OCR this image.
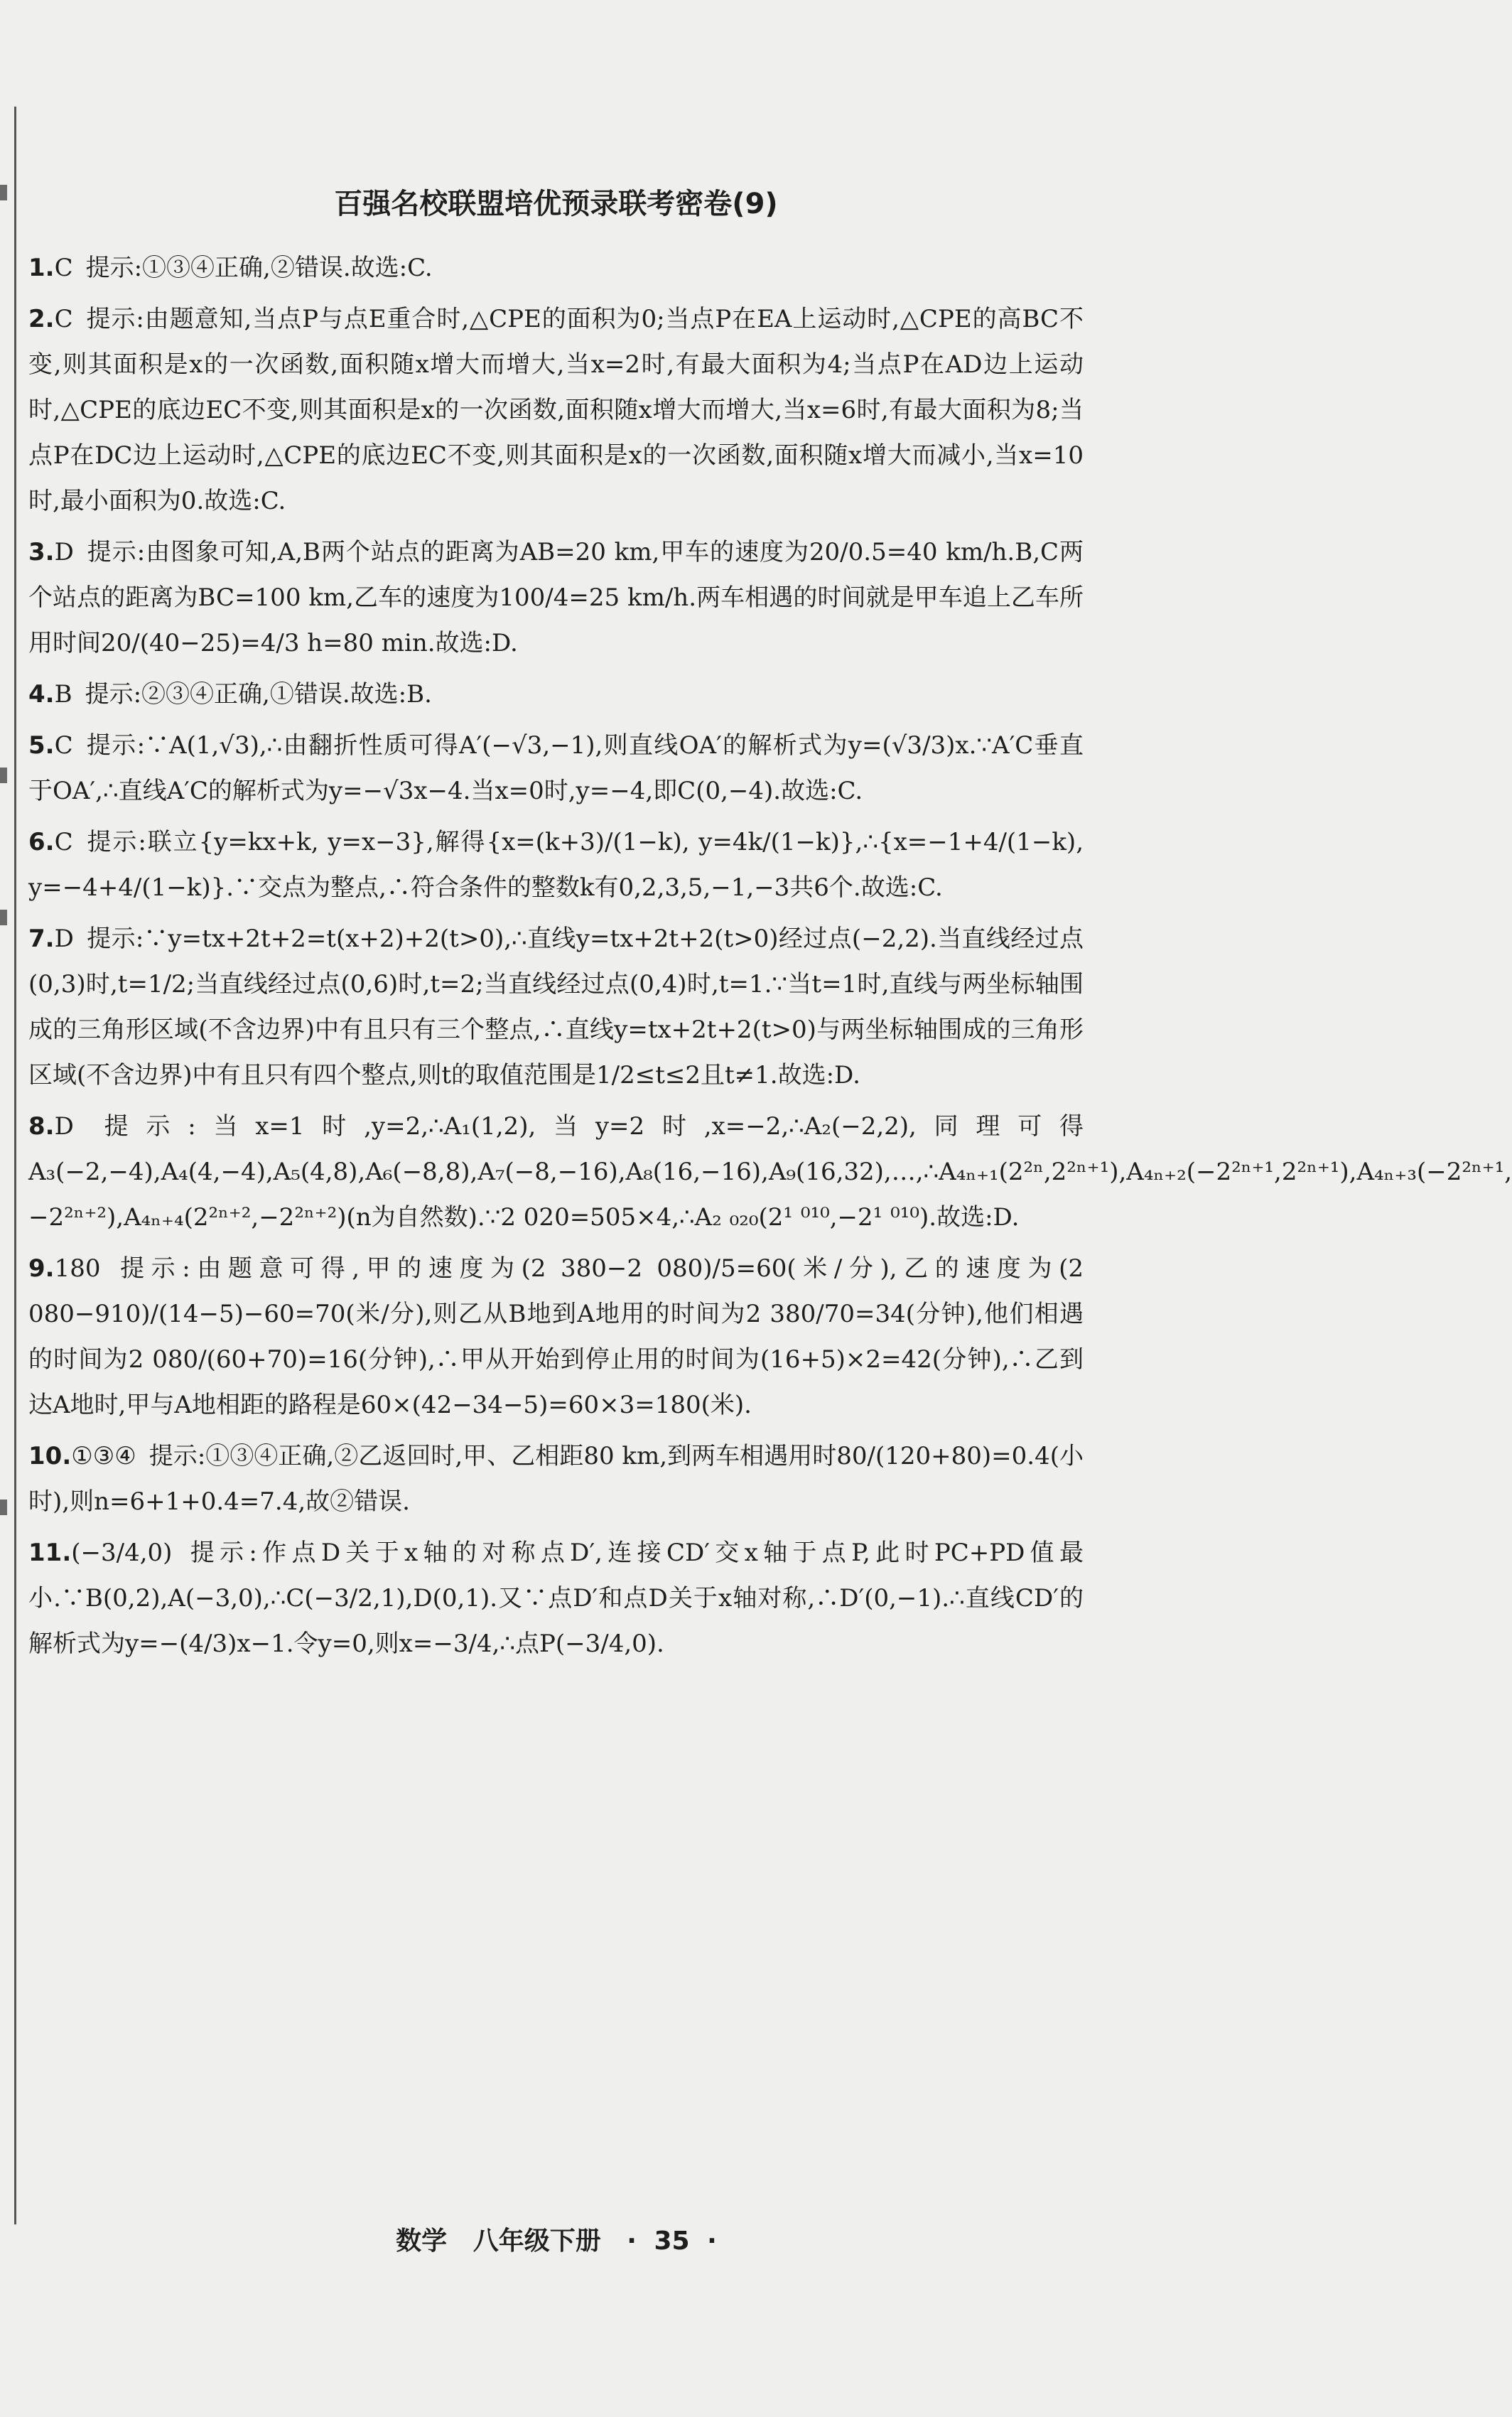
百强名校联盟培优预录联考密卷(9)
1.C 提示:①③④正确,②错误.故选:C.
2.C 提示:由题意知,当点P与点E重合时,△CPE的面积为0;当点P在EA上运动时,△CPE的高BC不变,则其面积是x的一次函数,面积随x增大而增大,当x=2时,有最大面积为4;当点P在AD边上运动时,△CPE的底边EC不变,则其面积是x的一次函数,面积随x增大而增大,当x=6时,有最大面积为8;当点P在DC边上运动时,△CPE的底边EC不变,则其面积是x的一次函数,面积随x增大而减小,当x=10时,最小面积为0.故选:C.
3.D 提示:由图象可知,A,B两个站点的距离为AB=20 km,甲车的速度为20/0.5=40 km/h.B,C两个站点的距离为BC=100 km,乙车的速度为100/4=25 km/h.两车相遇的时间就是甲车追上乙车所用时间20/(40−25)=4/3 h=80 min.故选:D.
4.B 提示:②③④正确,①错误.故选:B.
5.C 提示:∵A(1,√3),∴由翻折性质可得A′(−√3,−1),则直线OA′的解析式为y=(√3/3)x.∵A′C垂直于OA′,∴直线A′C的解析式为y=−√3x−4.当x=0时,y=−4,即C(0,−4).故选:C.
6.C 提示:联立{y=kx+k, y=x−3},解得{x=(k+3)/(1−k), y=4k/(1−k)},∴{x=−1+4/(1−k), y=−4+4/(1−k)}.∵交点为整点,∴符合条件的整数k有0,2,3,5,−1,−3共6个.故选:C.
7.D 提示:∵y=tx+2t+2=t(x+2)+2(t>0),∴直线y=tx+2t+2(t>0)经过点(−2,2).当直线经过点(0,3)时,t=1/2;当直线经过点(0,6)时,t=2;当直线经过点(0,4)时,t=1.∵当t=1时,直线与两坐标轴围成的三角形区域(不含边界)中有且只有三个整点,∴直线y=tx+2t+2(t>0)与两坐标轴围成的三角形区域(不含边界)中有且只有四个整点,则t的取值范围是1/2≤t≤2且t≠1.故选:D.
8.D 提示:当x=1时,y=2,∴A₁(1,2),当y=2时,x=−2,∴A₂(−2,2),同理可得A₃(−2,−4),A₄(4,−4),A₅(4,8),A₆(−8,8),A₇(−8,−16),A₈(16,−16),A₉(16,32),…,∴A₄ₙ₊₁(2²ⁿ,2²ⁿ⁺¹),A₄ₙ₊₂(−2²ⁿ⁺¹,2²ⁿ⁺¹),A₄ₙ₊₃(−2²ⁿ⁺¹,−2²ⁿ⁺²),A₄ₙ₊₄(2²ⁿ⁺²,−2²ⁿ⁺²)(n为自然数).∵2 020=505×4,∴A₂ ₀₂₀(2¹ ⁰¹⁰,−2¹ ⁰¹⁰).故选:D.
9.180 提示:由题意可得,甲的速度为(2 380−2 080)/5=60(米/分),乙的速度为(2 080−910)/(14−5)−60=70(米/分),则乙从B地到A地用的时间为2 380/70=34(分钟),他们相遇的时间为2 080/(60+70)=16(分钟),∴甲从开始到停止用的时间为(16+5)×2=42(分钟),∴乙到达A地时,甲与A地相距的路程是60×(42−34−5)=60×3=180(米).
10.①③④ 提示:①③④正确,②乙返回时,甲、乙相距80 km,到两车相遇用时80/(120+80)=0.4(小时),则n=6+1+0.4=7.4,故②错误.
11.(−3/4,0) 提示:作点D关于x轴的对称点D′,连接CD′交x轴于点P,此时PC+PD值最小.∵B(0,2),A(−3,0),∴C(−3/2,1),D(0,1).又∵点D′和点D关于x轴对称,∴D′(0,−1).∴直线CD′的解析式为y=−(4/3)x−1.令y=0,则x=−3/4,∴点P(−3/4,0).
数学 八年级下册 · 35 ·
